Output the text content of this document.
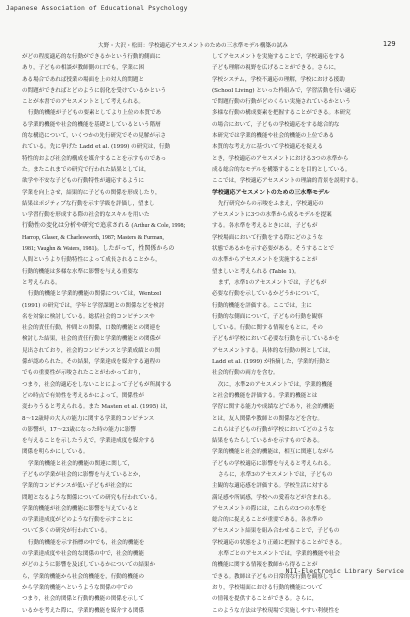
Japanese Association of Educational Psychology
大野・大沢・松田：学校適応アセスメントのための三水準モデル構築の試み	129
がどの程度適応的な行動ができるかという行動的側面に
あり，子どもの相談が教師側の口でも，学業に困
ある場合であれば授業の場面を上の対人的問題と
の問題ができればとどのように弱化を受けているかという
ことが本書でのアセスメントとして考えられる。
行動的機能が子どもの要素としてより上位の本質であ
る学業的機能や社会的機能を基礎としているという階層
的な構造について，いくつかの先行研究でその見解が示さ
れている。先に挙げた Ladd et al. (1999) の研究は，行動
特性的および社会的構成を媒介することを示すものであっ
た。またこれまでの研究で行われた結果としては，
欲学や不安な子どもの行動特性が適応するように
学業を向上させ，結果的に子どもの関係を形成したり，
結果はポジティブな行動を示す学級を評価し，望まし
い学習行動を形成する際の社会的なスキルを用いた
行動性の変化は分析や研究で追求される (Arthur & Cole, 1998;
Harrop, Glaser, & Charlesworth, 1987; Masters & Furman,
1981; Vaughn & Waters, 1981)。したがって，性関係からの
人間というより行動特性によって成長されることから，
行動的機能は多様な水準に影響を与える重要な
と考えられる。
行動的機能と学業的機能の関係については，Wentzel
(1991) の研究では，学年と学習課題との関係などを検討
名を対象に検討している。総括社会的コンピテンスや
社会的責任行動，仲間との関係，口数的機能との関連を
検討した結果，社会的責任行動と学業的機能との関係が
見出されており，社会的コンピテンスと学業成績との関
係が認められた。その結果，学業達成を媒介する過程の
でもの重要性が示唆されたことがわかっており，
つまり，社会的適応をしないことによって子どもが所属する
どの時点で有効性を考えるかによって，関係性が
変わりうると考えられる。また Masten et al. (1995) は，
8～12歳時の大人の能力に関する学業的コンピテンス
の影響が，17～23歳になった時の能力に影響
を与えることを示したうえで，学業達成度を媒介する
関係を明らかにしている。
学業的機能と社会的機能の関連に関して，
子どもの学業が社会的に影響を与えているとか，
学業的コンピテンスが低い子どもが社会的に
問題となるような関係についての研究も行われている。
学業的機能が社会的機能に影響を与えていると
の学業達成度がどのような行動を示すことに
ついて多くの研究が行われている。
行動的機能を示す指標の中でも，社会的機能を
の学業達成度や社会的な関係の中で，社会的機能
がどのように影響を及ぼしているかについての結果か
ら，学業的機能から社会的機能を，行動的機能の
から学業的機能へというような関係の中での
つまり，社会的関係と行動的機能の関係を示して
いるかを考えた際に，学業的機能を媒介する関係
してアセスメントを実施することで，学校適応をする
子ども理解の視野を広げることができる。さらに，
学校システム，学校不適応の理解，学校における援助
(School Living) といった枠組みで，学習活動を行い適応
で問題行動の行動がどのくらい実施されているかという
多様な行動の構成要素を把握することができる。本研究
の場合において，子どもの学校適応をする総合的な
本研究では学業的機能や社会的機能の上位である
本質的な考え方に基づいて学校適応を捉える
とき，学校適応のアセスメントにおける3つの水準から
成る総合的なモデルを構築することを目的としている。
ここでは，学校適応アセスメントの理論的背景を説明する。
学校適応アセスメントのための三水準モデル
先行研究からの示唆をふまえ，学校適応の
アセスメントに3つの水準から成るモデルを提案
する。各水準を考えるときには，子どもが
学校場面において行動をする際にどのような
状態であるかを示す必要がある。そうすることで
の水準からアセスメントを実施することが
望ましいと考えられる (Table 1)。
まず，水準1のアセスメントでは，子どもが
必要な行動を示しているかどうかについて，
行動的機能を評価する。ここでは，主に
行動的な側面について，子どもの行動を観察
している。行動に関する情報をもとに，その
子どもが学校において必要な行動を示しているかを
アセスメントする。具体的な行動の例としては，
Ladd et al. (1999) が指摘した，学業的行動と
社会的行動の両方を含む。
次に，水準2のアセスメントでは，学業的機能
と社会的機能を評価する。学業的機能とは
学習に関する能力や成績などであり，社会的機能
とは，友人関係や教師との関係などを含む。
これらは子どもの行動が学校においてどのような
結果をもたらしているかを示すものである。
学業的機能と社会的機能は，相互に関連しながら
子どもの学校適応に影響を与えると考えられる。
さらに，水準3のアセスメントでは，子どもの
主観的な適応感を評価する。学校生活に対する
満足感や所属感，学校への愛着などが含まれる。
アセスメントの際には，これらの3つの水準を
総合的に捉えることが重要である。各水準の
アセスメント結果を組み合わせることで，子どもの
学校適応の状態をより正確に把握することができる。
水準ごとのアセスメントでは，学業的機能や社会
的機能に関する情報を教師から得ることが
できる。教師は子どもの日常的な行動を観察して
おり，学校場面における行動的機能について
の情報を提供することができる。さらに，
このような方法は学校現場で実施しやすい利便性を
NII-Electronic Library Service
